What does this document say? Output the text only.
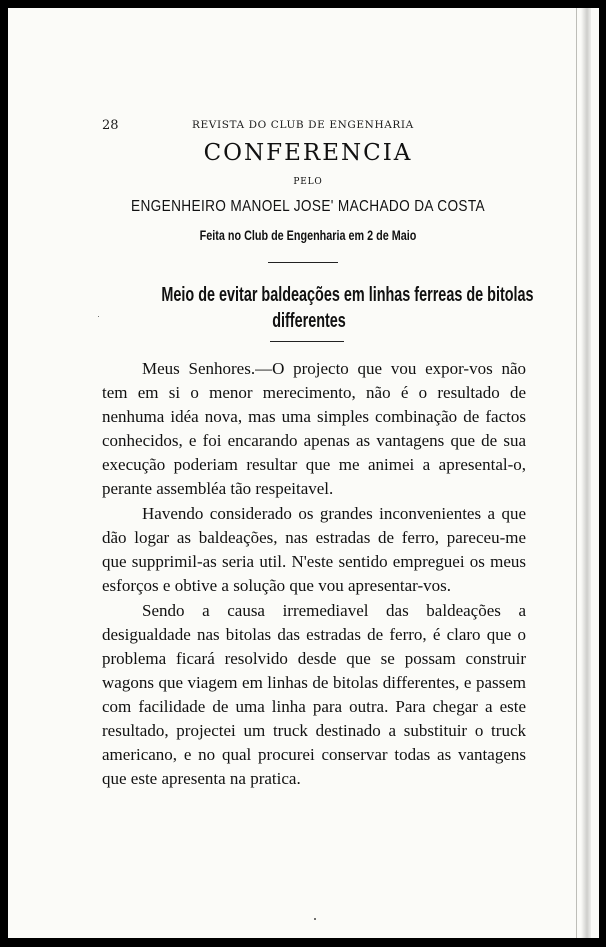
28	REVISTA DO CLUB DE ENGENHARIA
CONFERENCIA
PELO
ENGENHEIRO MANOEL JOSE' MACHADO DA COSTA
Feita no Club de Engenharia em 2 de Maio
Meio de evitar baldeações em linhas ferreas de bitolas
differentes

Meus Senhores.—O projecto que vou expor-vos não tem em si o menor merecimento, não é o resultado de nenhuma idéa nova, mas uma simples combinação de factos conhecidos, e foi encarando apenas as vantagens que de sua execução poderiam resultar que me animei a apresental-o, perante assembléa tão respeitavel.

Havendo considerado os grandes inconvenientes a que dão logar as baldeações, nas estradas de ferro, pareceu-me que supprimil-as seria util. N'este sentido empreguei os meus esforços e obtive a solução que vou apresentar-vos.

Sendo a causa irremediavel das baldeações a desigualdade nas bitolas das estradas de ferro, é claro que o problema ficará resolvido desde que se possam construir wagons que viagem em linhas de bitolas differentes, e passem com facilidade de uma linha para outra. Para chegar a este resultado, projectei um truck destinado a substituir o truck americano, e no qual procurei conservar todas as vantagens que este apresenta na pratica.
